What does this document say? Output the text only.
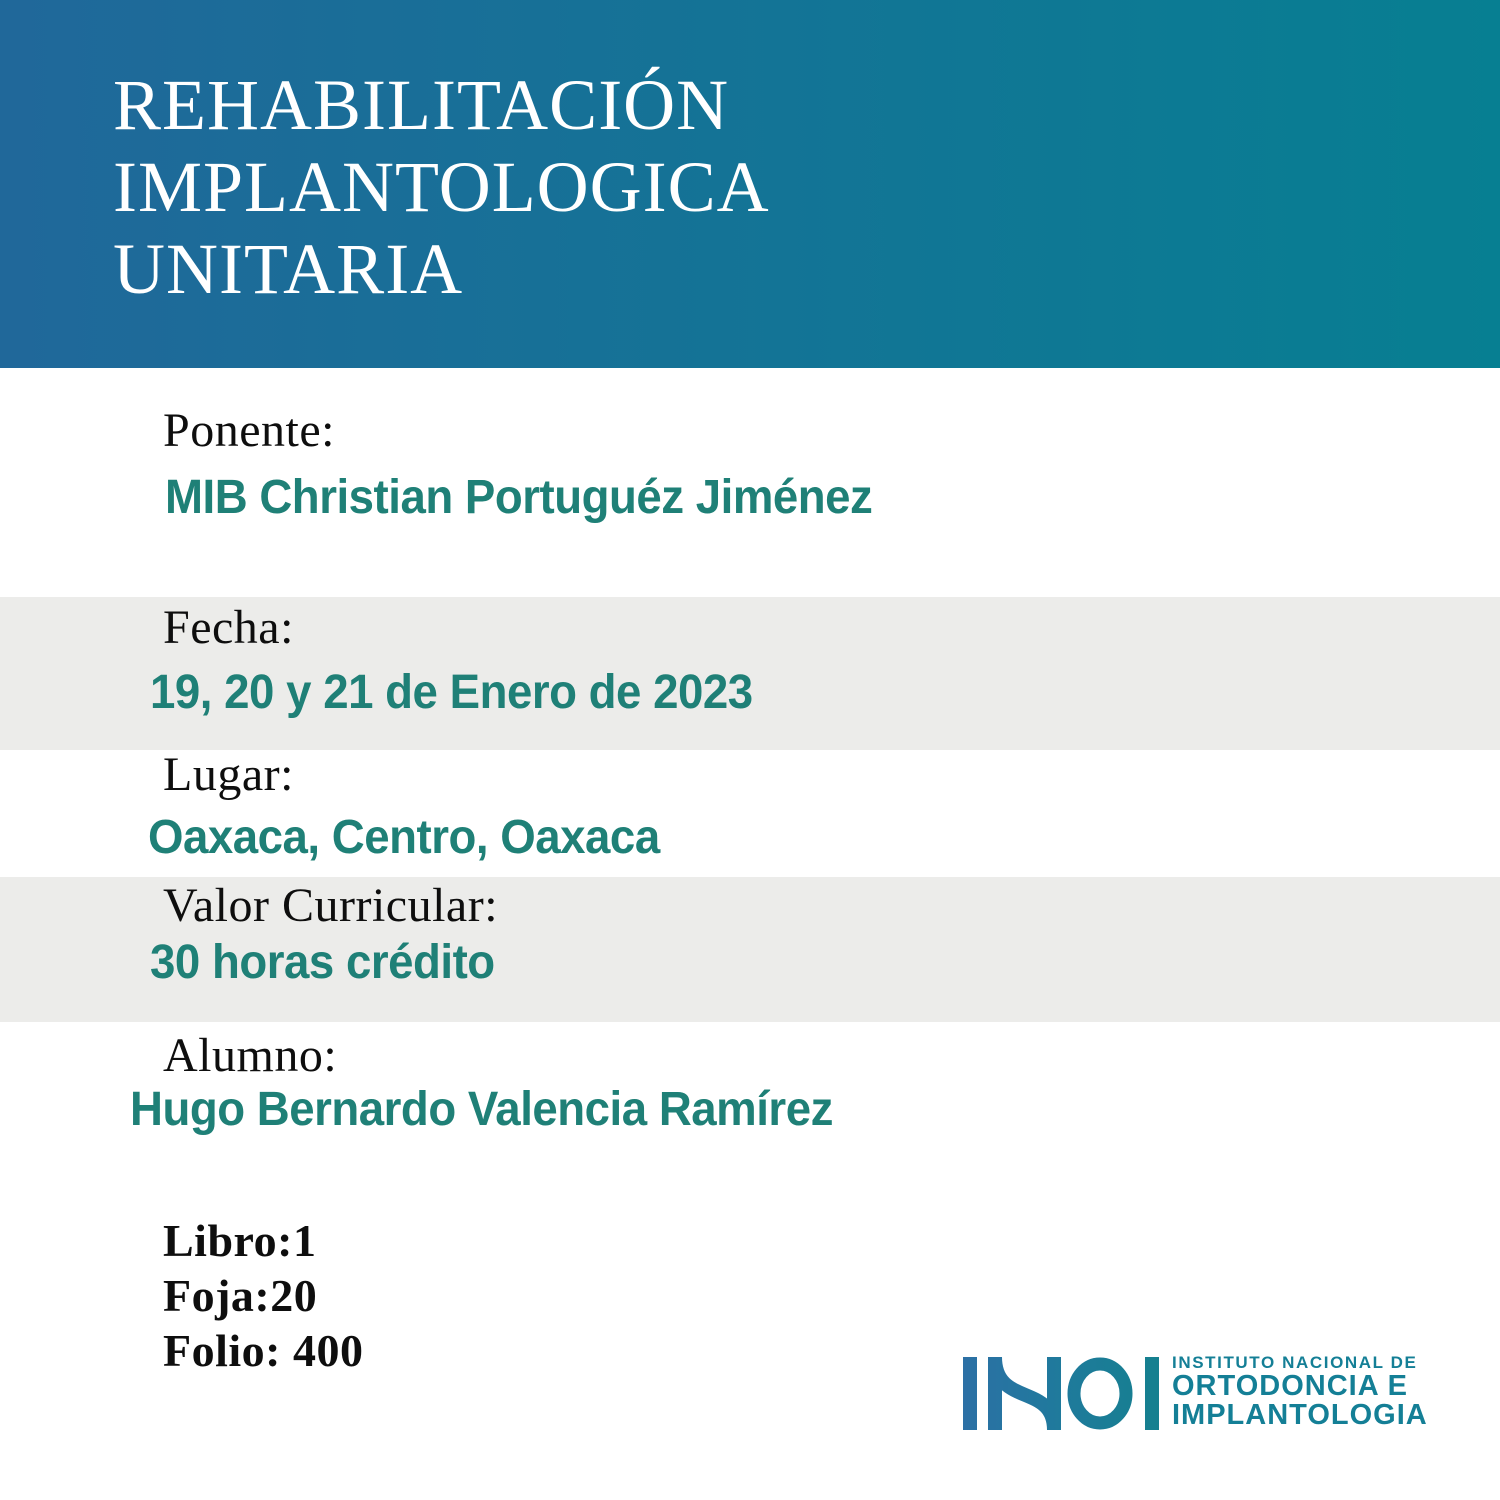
REHABILITACIÓN
IMPLANTOLOGICA
UNITARIA
Ponente:
MIB Christian Portuguéz Jiménez
Fecha:
19, 20 y 21 de Enero de 2023
Lugar:
Oaxaca, Centro, Oaxaca
Valor Curricular:
30 horas crédito
Alumno:
Hugo Bernardo Valencia Ramírez
Libro:1
Foja:20
Folio: 400	INSTITUTO NACIONAL DE
ORTODONCIA E
IMPLANTOLOGIA
